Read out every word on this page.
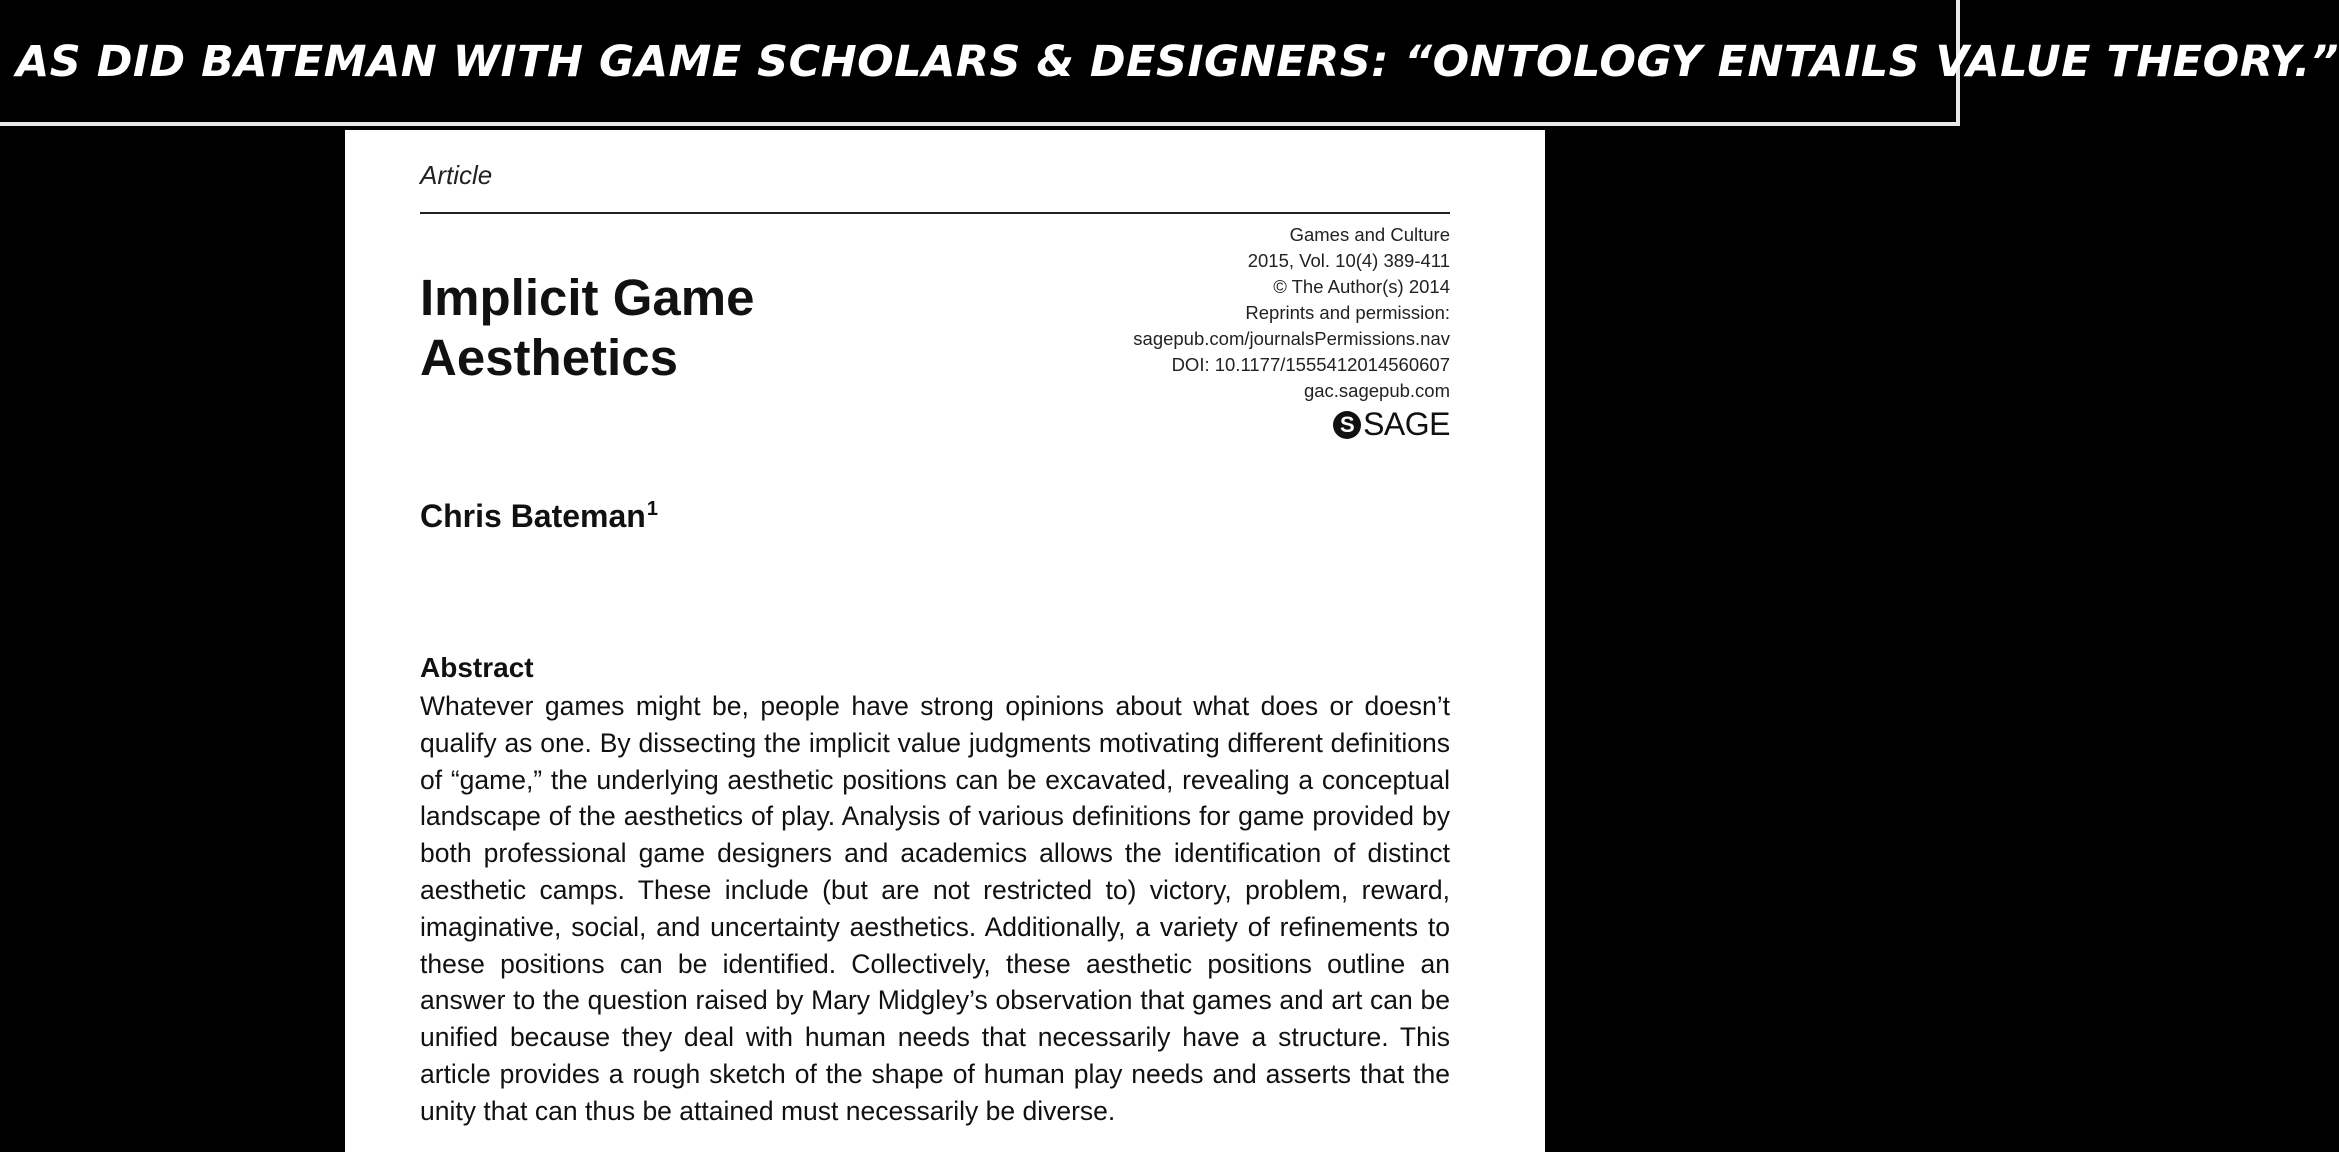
AS DID BATEMAN WITH GAME SCHOLARS & DESIGNERS: “ONTOLOGY ENTAILS VALUE THEORY.”
Article
Games and Culture
2015, Vol. 10(4) 389-411
© The Author(s) 2014
Reprints and permission:
sagepub.com/journalsPermissions.nav
DOI: 10.1177/1555412014560607
gac.sagepub.com
S SAGE
Implicit Game
Aesthetics
Chris Bateman$^1$
Abstract
Whatever games might be, people have strong opinions about what does or doesn’t qualify as one. By dissecting the implicit value judgments motivating different definitions of “game,” the underlying aesthetic positions can be excavated, revealing a conceptual landscape of the aesthetics of play. Analysis of various definitions for game provided by both professional game designers and academics allows the identification of distinct aesthetic camps. These include (but are not restricted to) victory, problem, reward, imaginative, social, and uncertainty aesthetics. Additionally, a variety of refinements to these positions can be identified. Collectively, these aesthetic positions outline an answer to the question raised by Mary Midgley’s observation that games and art can be unified because they deal with human needs that necessarily have a structure. This article provides a rough sketch of the shape of human play needs and asserts that the unity that can thus be attained must necessarily be diverse.
